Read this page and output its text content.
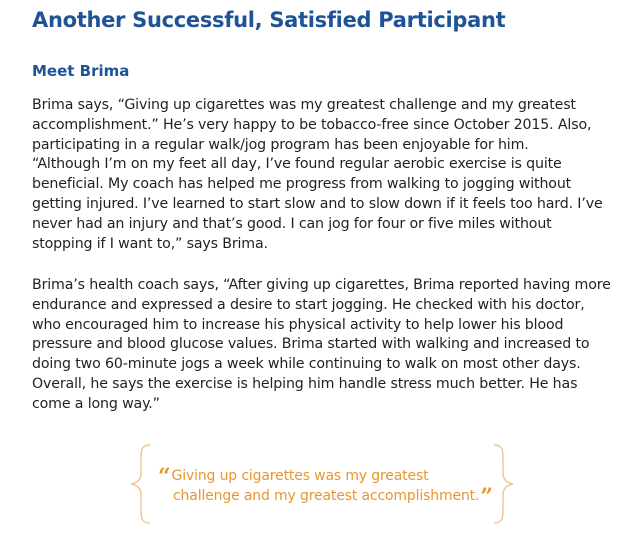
Another Successful, Satisfied Participant
Meet Brima

Brima says, “Giving up cigarettes was my greatest challenge and my greatest
accomplishment.” He’s very happy to be tobacco-free since October 2015. Also,
participating in a regular walk/jog program has been enjoyable for him.
“Although I’m on my feet all day, I’ve found regular aerobic exercise is quite
beneficial. My coach has helped me progress from walking to jogging without
getting injured. I’ve learned to start slow and to slow down if it feels too hard. I’ve
never had an injury and that’s good. I can jog for four or five miles without
stopping if I want to,” says Brima.

Brima’s health coach says, “After giving up cigarettes, Brima reported having more
endurance and expressed a desire to start jogging. He checked with his doctor,
who encouraged him to increase his physical activity to help lower his blood
pressure and blood glucose values. Brima started with walking and increased to
doing two 60-minute jogs a week while continuing to walk on most other days.
Overall, he says the exercise is helping him handle stress much better. He has
come a long way.”

“Giving up cigarettes was my greatest
challenge and my greatest accomplishment.”
